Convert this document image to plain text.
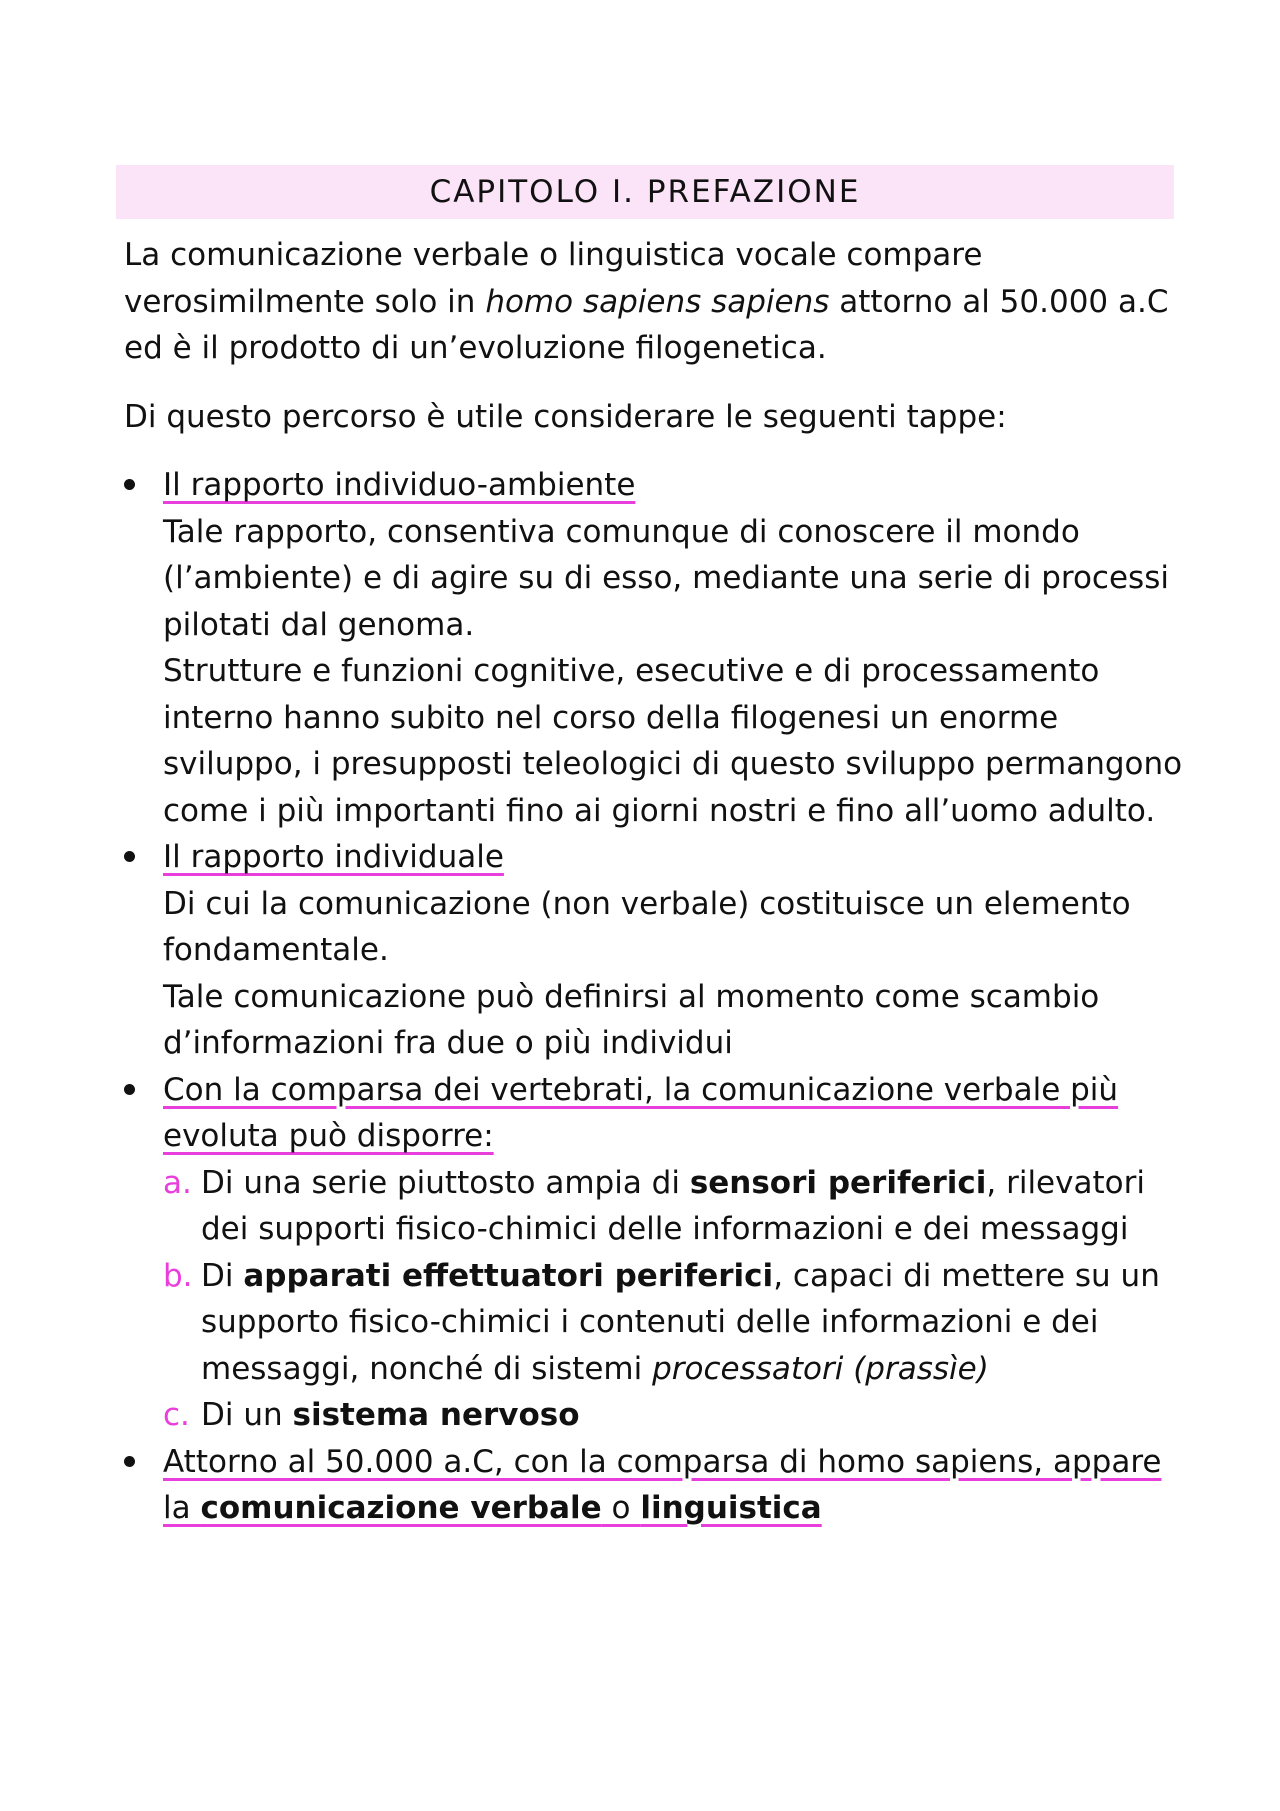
CAPITOLO I. PREFAZIONE

La comunicazione verbale o linguistica vocale compare verosimilmente solo in homo sapiens sapiens attorno al 50.000 a.C ed è il prodotto di un’evoluzione filogenetica.

Di questo percorso è utile considerare le seguenti tappe:

Il rapporto individuo-ambiente
Tale rapporto, consentiva comunque di conoscere il mondo (l’ambiente) e di agire su di esso, mediante una serie di processi pilotati dal genoma.
Strutture e funzioni cognitive, esecutive e di processamento interno hanno subito nel corso della filogenesi un enorme sviluppo, i presupposti teleologici di questo sviluppo permangono come i più importanti fino ai giorni nostri e fino all’uomo adulto.
Il rapporto individuale
Di cui la comunicazione (non verbale) costituisce un elemento fondamentale.
Tale comunicazione può definirsi al momento come scambio d’informazioni fra due o più individui
Con la comparsa dei vertebrati, la comunicazione verbale più evoluta può disporre:
a. Di una serie piuttosto ampia di sensori periferici, rilevatori dei supporti fisico-chimici delle informazioni e dei messaggi
b. Di apparati effettuatori periferici, capaci di mettere su un supporto fisico-chimici i contenuti delle informazioni e dei messaggi, nonché di sistemi processatori (prassìe)
c. Di un sistema nervoso
Attorno al 50.000 a.C, con la comparsa di homo sapiens, appare la comunicazione verbale o linguistica
